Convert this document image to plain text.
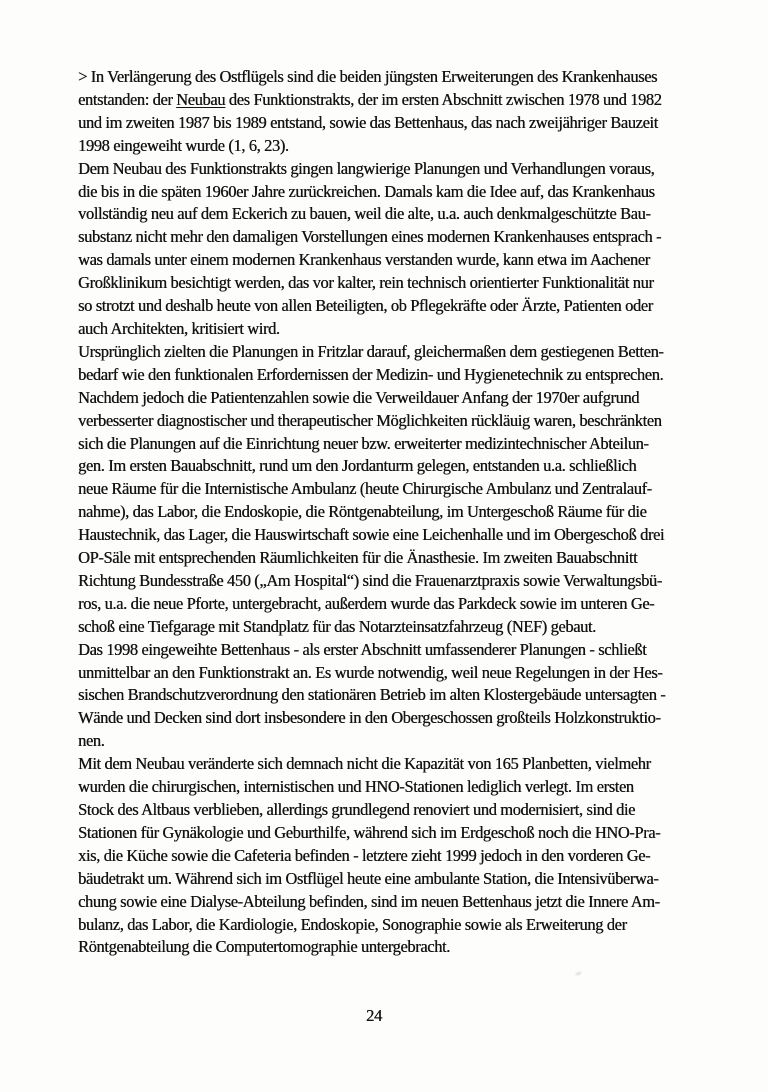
> In Verlängerung des Ostflügels sind die beiden jüngsten Erweiterungen des Krankenhauses
entstanden: der Neubau des Funktionstrakts, der im ersten Abschnitt zwischen 1978 und 1982
und im zweiten 1987 bis 1989 entstand, sowie das Bettenhaus, das nach zweijähriger Bauzeit
1998 eingeweiht wurde (1, 6, 23).
Dem Neubau des Funktionstrakts gingen langwierige Planungen und Verhandlungen voraus,
die bis in die späten 1960er Jahre zurückreichen. Damals kam die Idee auf, das Krankenhaus
vollständig neu auf dem Eckerich zu bauen, weil die alte, u.a. auch denkmalgeschützte Bau-
substanz nicht mehr den damaligen Vorstellungen eines modernen Krankenhauses entsprach -
was damals unter einem modernen Krankenhaus verstanden wurde, kann etwa im Aachener
Großklinikum besichtigt werden, das vor kalter, rein technisch orientierter Funktionalität nur
so strotzt und deshalb heute von allen Beteiligten, ob Pflegekräfte oder Ärzte, Patienten oder
auch Architekten, kritisiert wird.
Ursprünglich zielten die Planungen in Fritzlar darauf, gleichermaßen dem gestiegenen Betten-
bedarf wie den funktionalen Erfordernissen der Medizin- und Hygienetechnik zu entsprechen.
Nachdem jedoch die Patientenzahlen sowie die Verweildauer Anfang der 1970er aufgrund
verbesserter diagnostischer und therapeutischer Möglichkeiten rückläuig waren, beschränkten
sich die Planungen auf die Einrichtung neuer bzw. erweiterter medizintechnischer Abteilun-
gen. Im ersten Bauabschnitt, rund um den Jordanturm gelegen, entstanden u.a. schließlich
neue Räume für die Internistische Ambulanz (heute Chirurgische Ambulanz und Zentralauf-
nahme), das Labor, die Endoskopie, die Röntgenabteilung, im Untergeschoß Räume für die
Haustechnik, das Lager, die Hauswirtschaft sowie eine Leichenhalle und im Obergeschoß drei
OP-Säle mit entsprechenden Räumlichkeiten für die Änasthesie. Im zweiten Bauabschnitt
Richtung Bundesstraße 450 („Am Hospital“) sind die Frauenarztpraxis sowie Verwaltungsbü-
ros, u.a. die neue Pforte, untergebracht, außerdem wurde das Parkdeck sowie im unteren Ge-
schoß eine Tiefgarage mit Standplatz für das Notarzteinsatzfahrzeug (NEF) gebaut.
Das 1998 eingeweihte Bettenhaus - als erster Abschnitt umfassenderer Planungen - schließt
unmittelbar an den Funktionstrakt an. Es wurde notwendig, weil neue Regelungen in der Hes-
sischen Brandschutzverordnung den stationären Betrieb im alten Klostergebäude untersagten -
Wände und Decken sind dort insbesondere in den Obergeschossen großteils Holzkonstruktio-
nen.
Mit dem Neubau veränderte sich demnach nicht die Kapazität von 165 Planbetten, vielmehr
wurden die chirurgischen, internistischen und HNO-Stationen lediglich verlegt. Im ersten
Stock des Altbaus verblieben, allerdings grundlegend renoviert und modernisiert, sind die
Stationen für Gynäkologie und Geburthilfe, während sich im Erdgeschoß noch die HNO-Pra-
xis, die Küche sowie die Cafeteria befinden - letztere zieht 1999 jedoch in den vorderen Ge-
bäudetrakt um. Während sich im Ostflügel heute eine ambulante Station, die Intensivüberwa-
chung sowie eine Dialyse-Abteilung befinden, sind im neuen Bettenhaus jetzt die Innere Am-
bulanz, das Labor, die Kardiologie, Endoskopie, Sonographie sowie als Erweiterung der
Röntgenabteilung die Computertomographie untergebracht.
24
